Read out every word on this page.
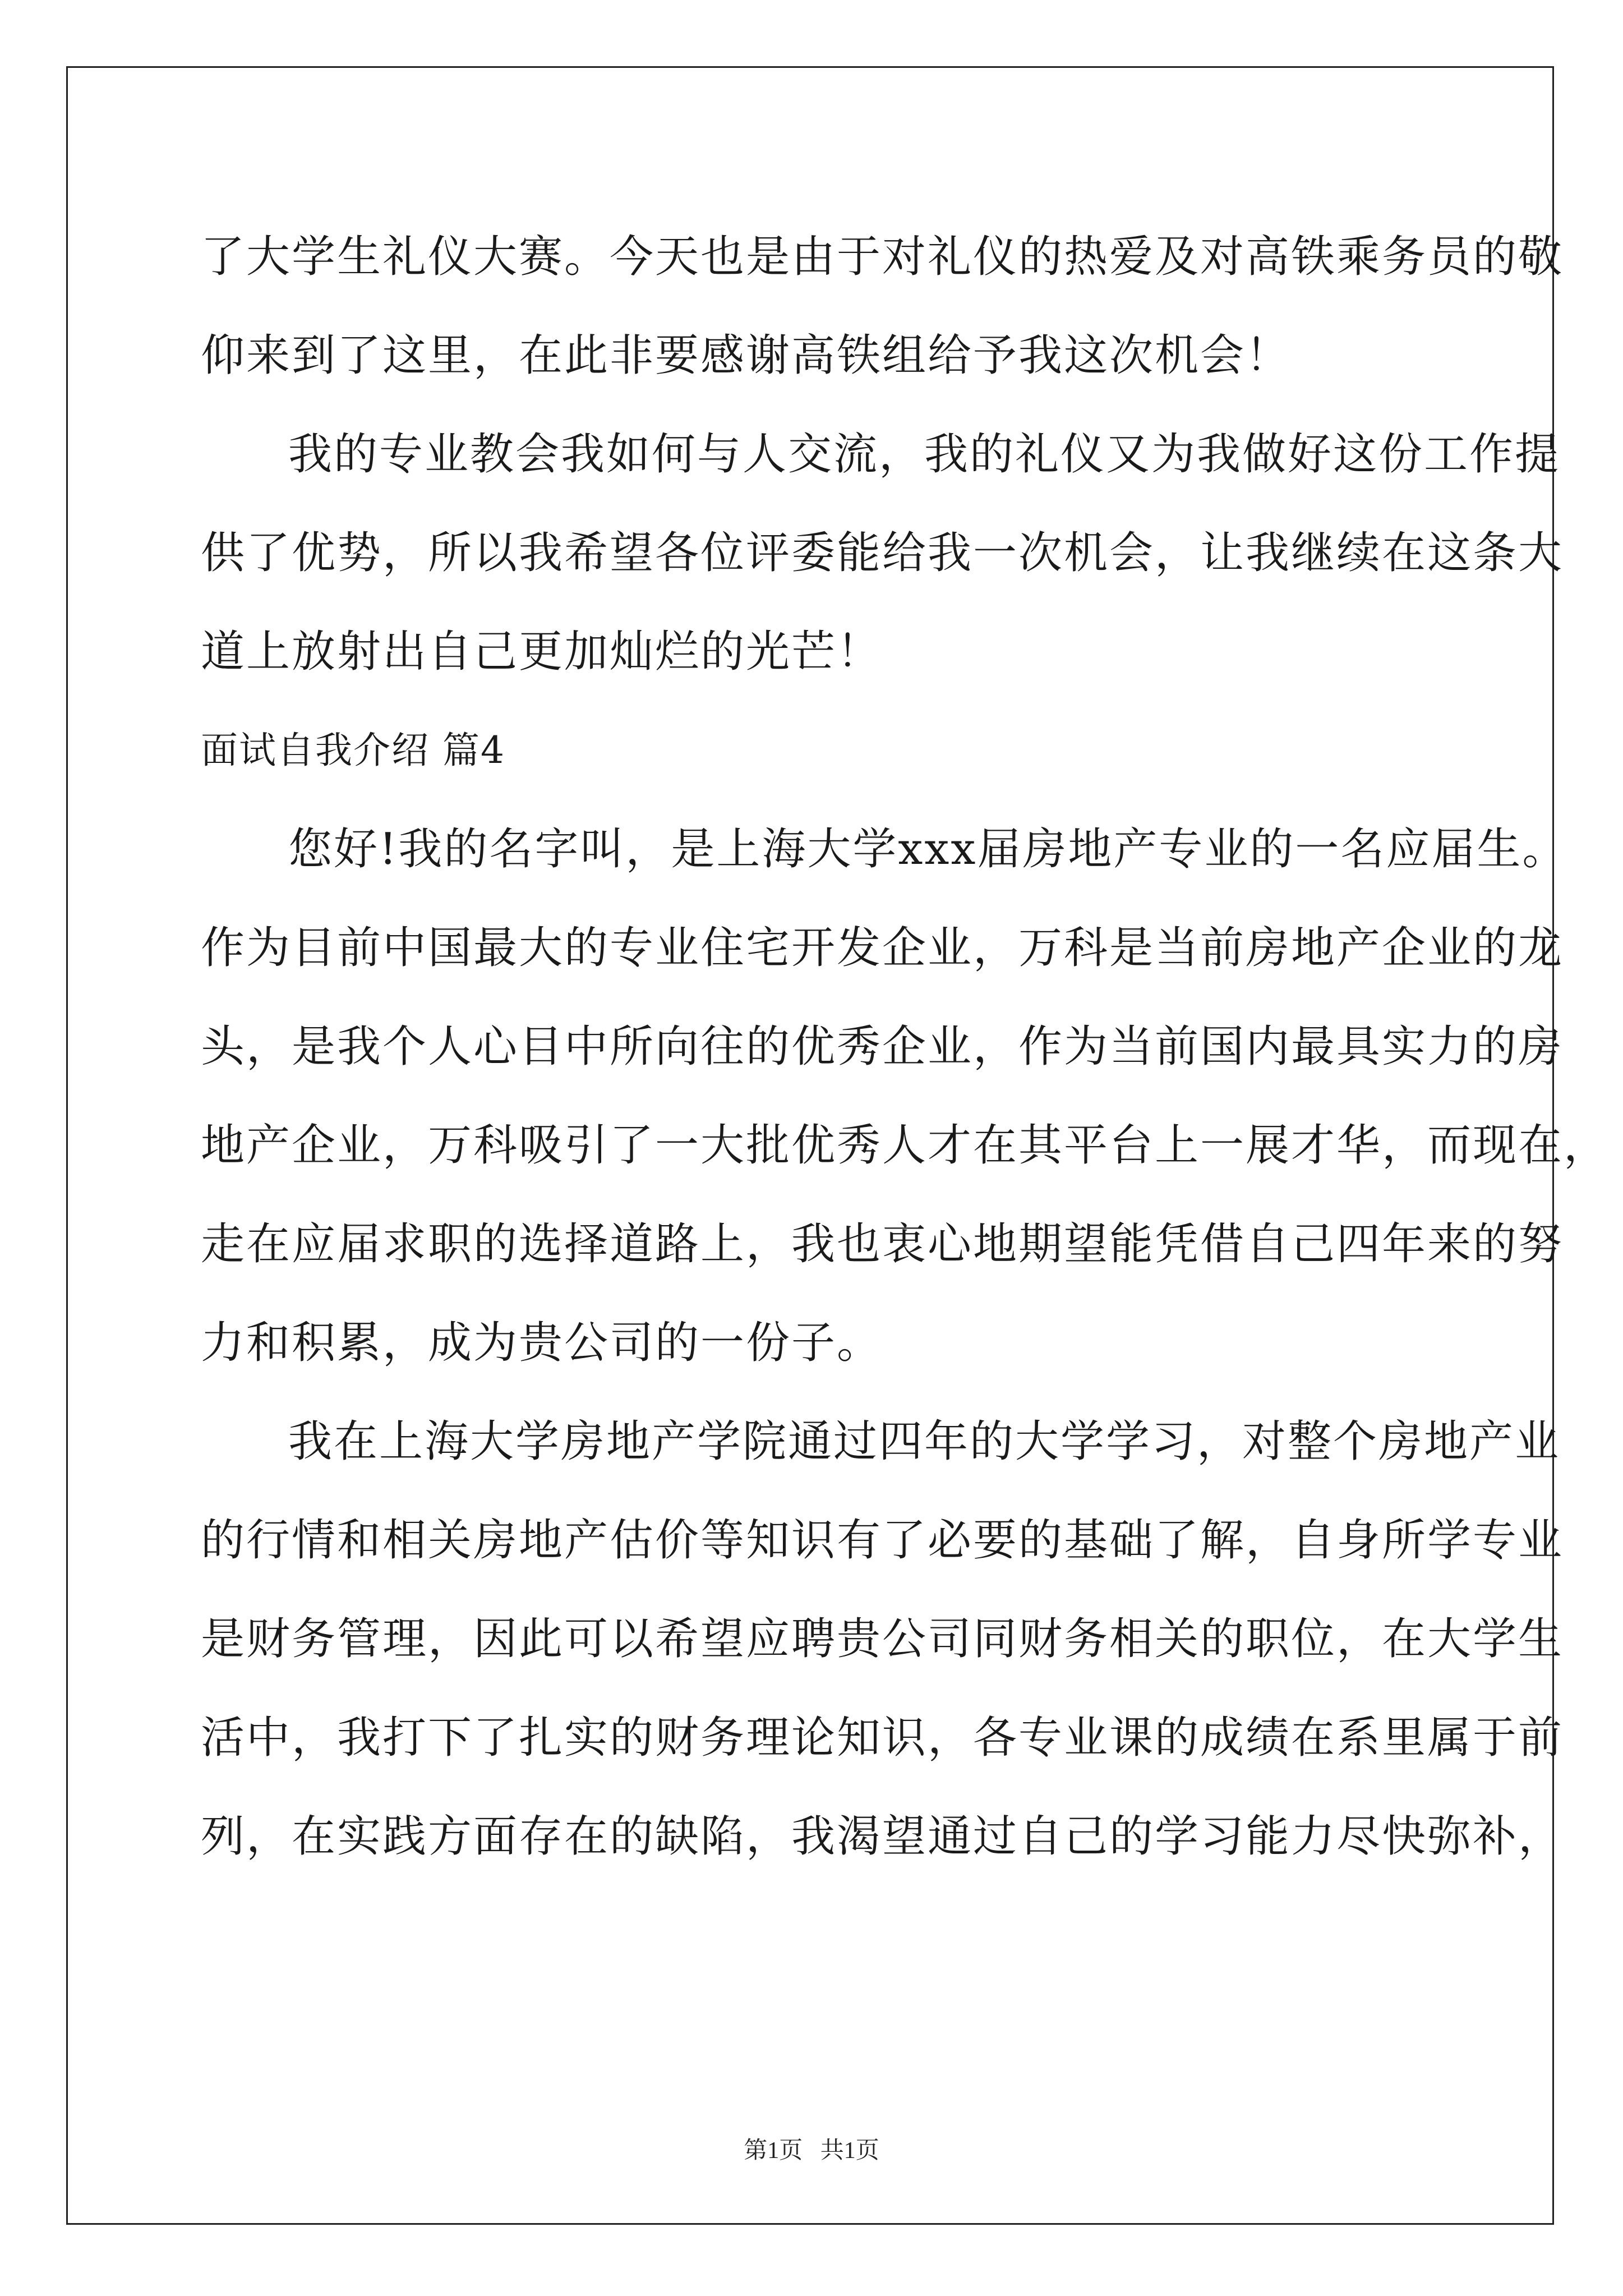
了大学生礼仪大赛。今天也是由于对礼仪的热爱及对高铁乘务员的敬
仰来到了这里，在此非要感谢高铁组给予我这次机会！
我的专业教会我如何与人交流，我的礼仪又为我做好这份工作提
供了优势，所以我希望各位评委能给我一次机会，让我继续在这条大
道上放射出自己更加灿烂的光芒！
面试自我介绍 篇4
您好!我的名字叫，是上海大学xxx届房地产专业的一名应届生。
作为目前中国最大的专业住宅开发企业，万科是当前房地产企业的龙
头，是我个人心目中所向往的优秀企业，作为当前国内最具实力的房
地产企业，万科吸引了一大批优秀人才在其平台上一展才华，而现在，
走在应届求职的选择道路上，我也衷心地期望能凭借自己四年来的努
力和积累，成为贵公司的一份子。
我在上海大学房地产学院通过四年的大学学习，对整个房地产业
的行情和相关房地产估价等知识有了必要的基础了解，自身所学专业
是财务管理，因此可以希望应聘贵公司同财务相关的职位，在大学生
活中，我打下了扎实的财务理论知识，各专业课的成绩在系里属于前
列，在实践方面存在的缺陷，我渴望通过自己的学习能力尽快弥补，
第1页 共1页
